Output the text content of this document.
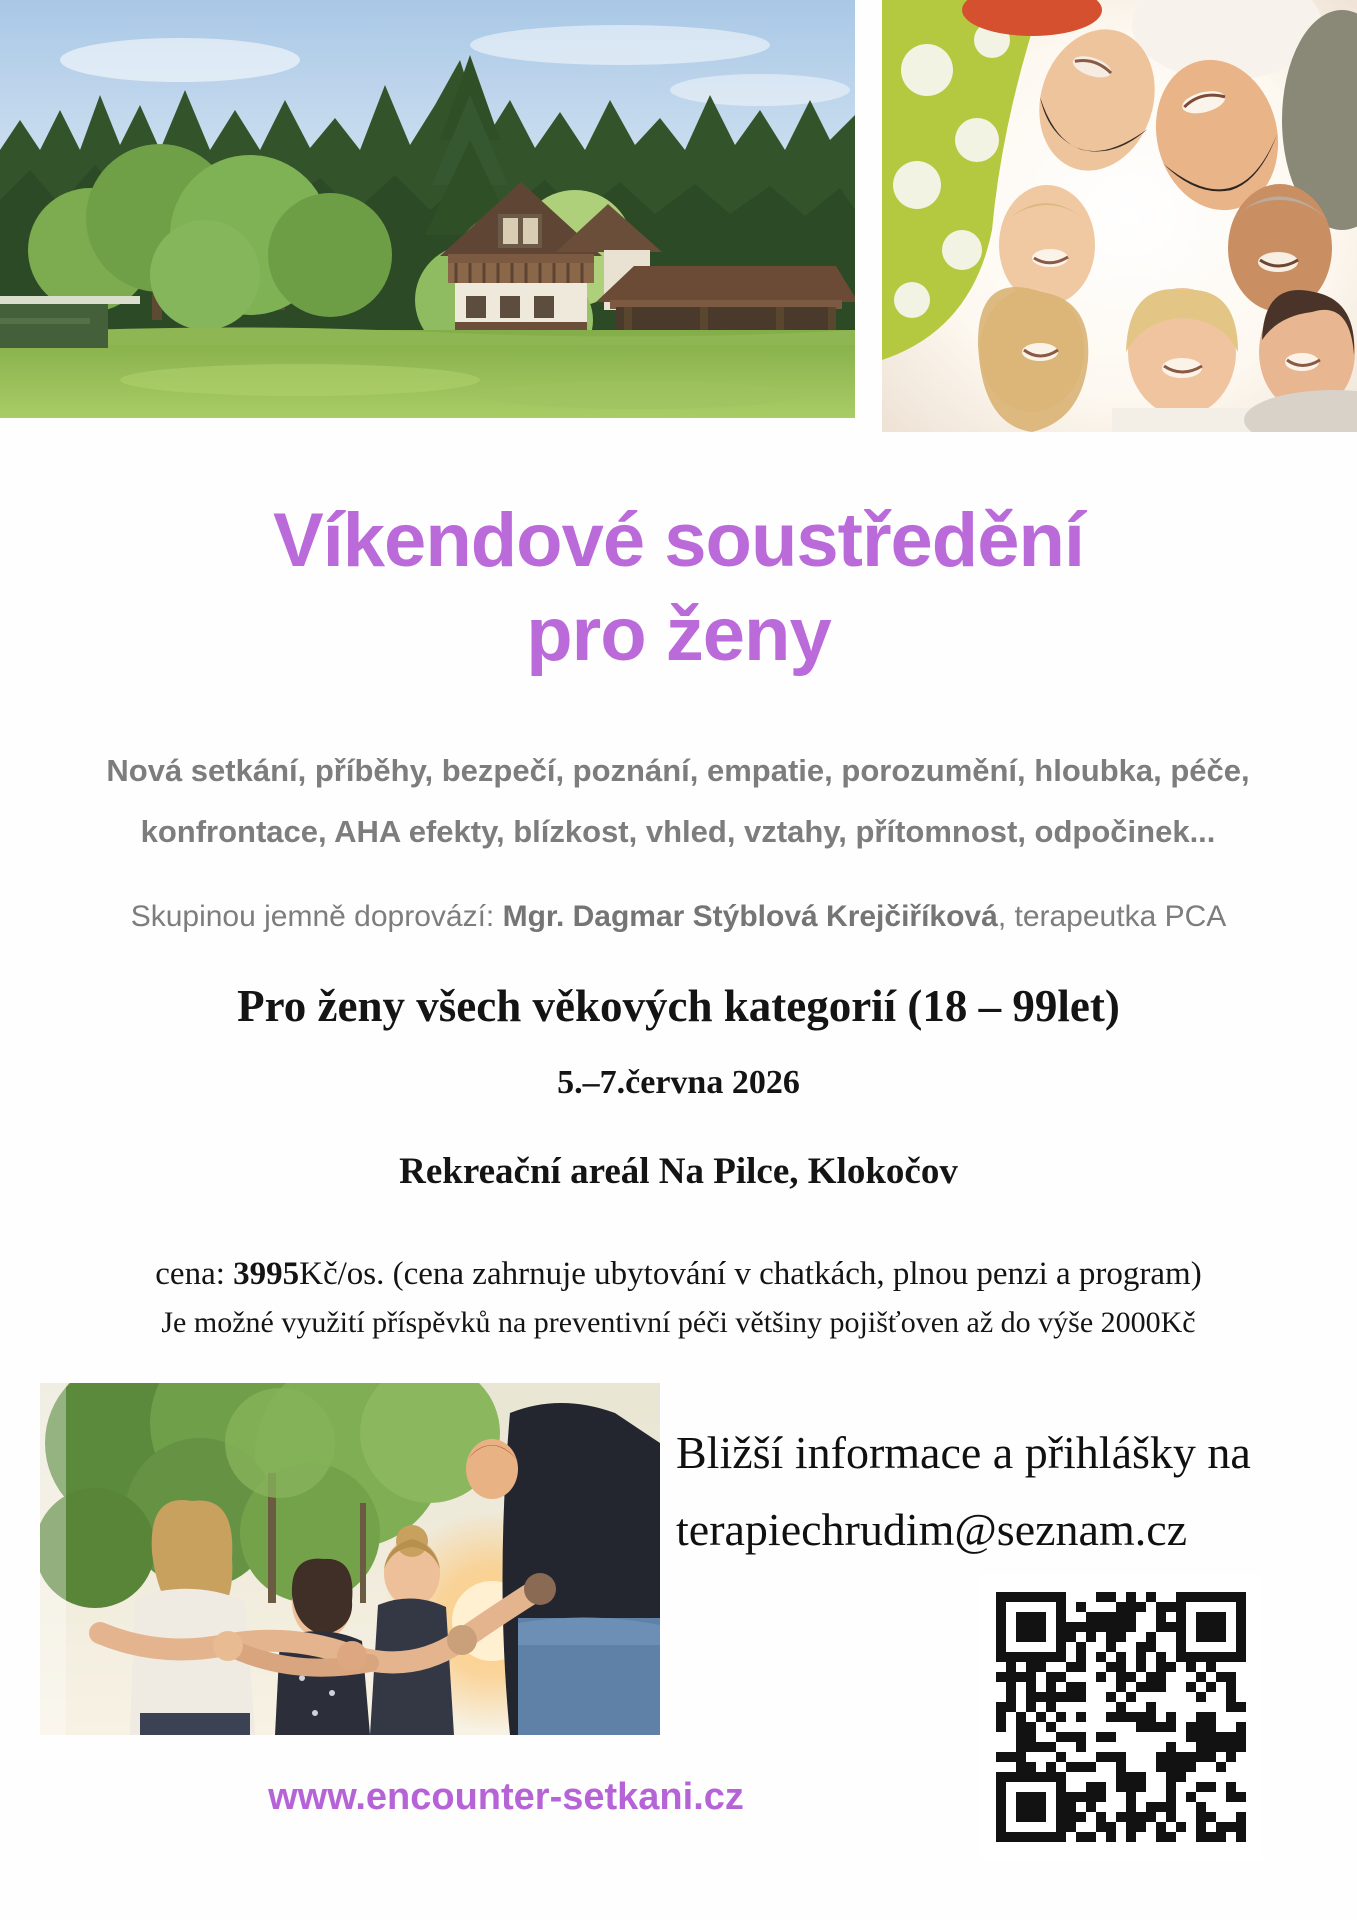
Víkendové soustředění
pro ženy

Nová setkání, příběhy, bezpečí, poznání, empatie, porozumění, hloubka, péče,
konfrontace, AHA efekty, blízkost, vhled, vztahy, přítomnost, odpočinek...

Skupinou jemně doprovází: Mgr. Dagmar Stýblová Krejčiříková, terapeutka PCA

Pro ženy všech věkových kategorií (18 – 99let)
5.–7.června 2026
Rekreační areál Na Pilce, Klokočov
cena: 3995Kč/os. (cena zahrnuje ubytování v chatkách, plnou penzi a program)
Je možné využití příspěvků na preventivní péči většiny pojišťoven až do výše 2000Kč
Bližší informace a přihlášky na
terapiechrudim@seznam.cz
www.encounter-setkani.cz
